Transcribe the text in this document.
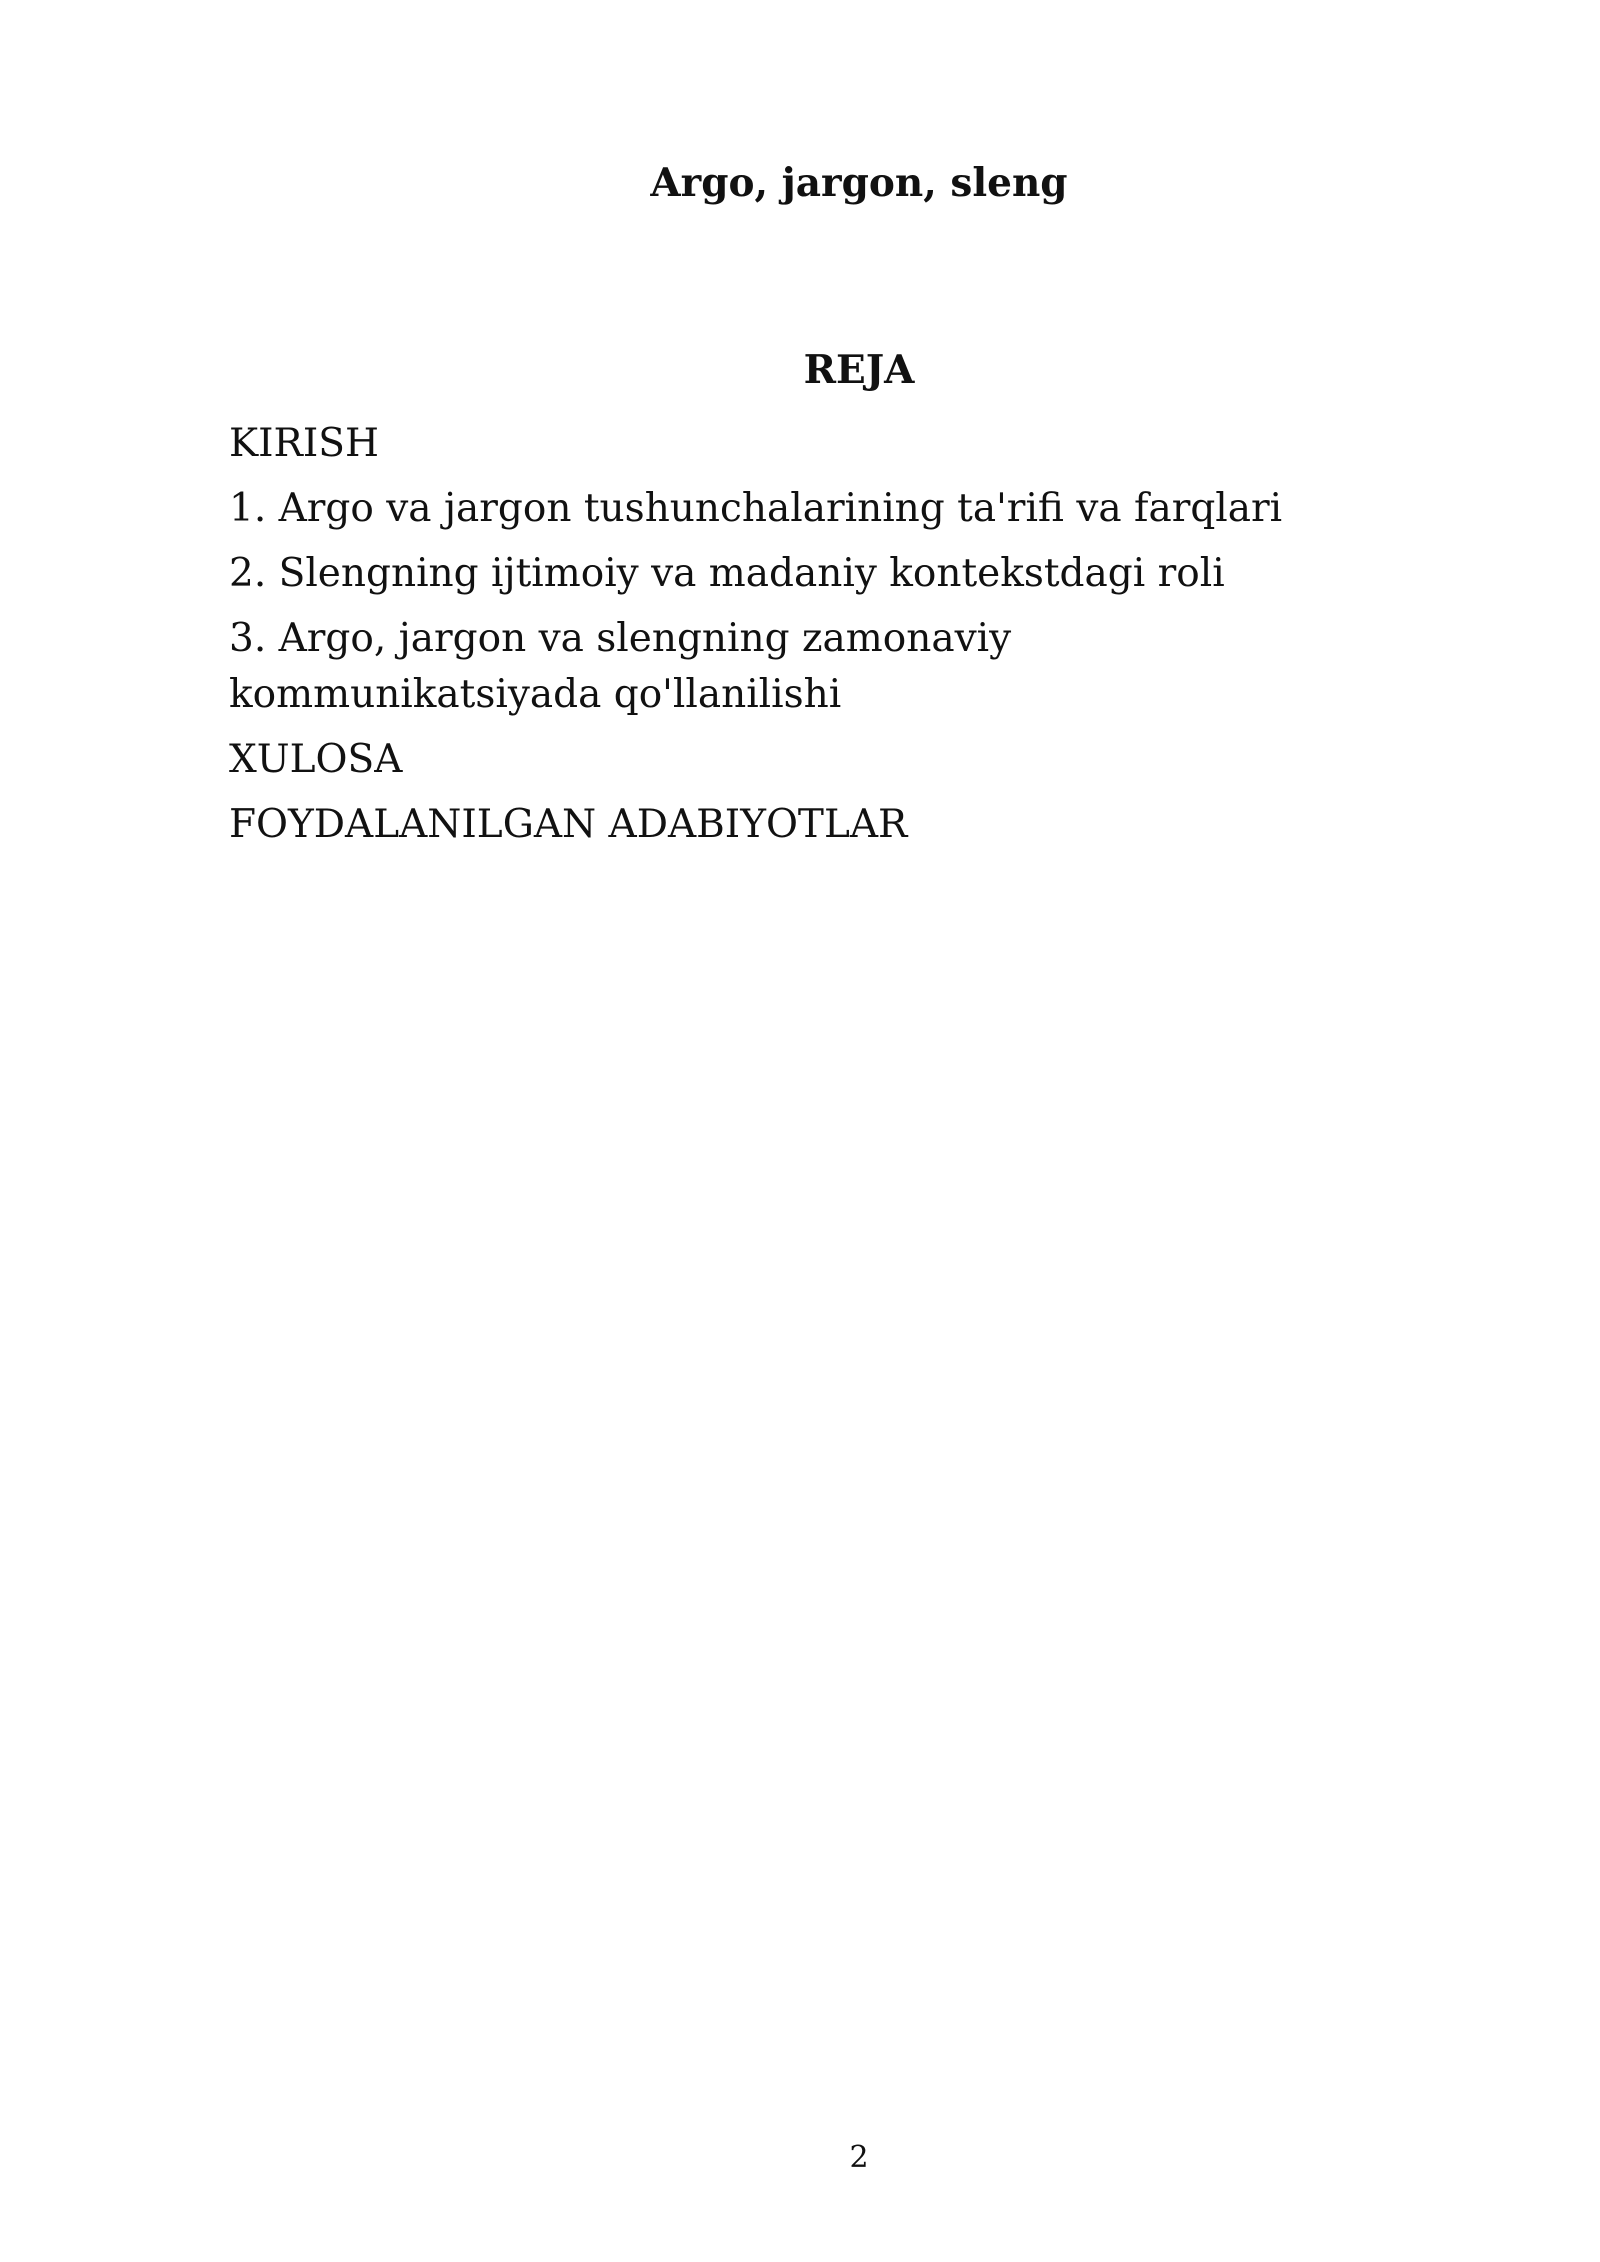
Argo, jargon, sleng
REJA
KIRISH
1. Argo va jargon tushunchalarining ta'rifi va farqlari
2. Slengning ijtimoiy va madaniy kontekstdagi roli
3. Argo, jargon va slengning zamonaviy kommunikatsiyada qo'llanilishi
XULOSA
FOYDALANILGAN ADABIYOTLAR
2
